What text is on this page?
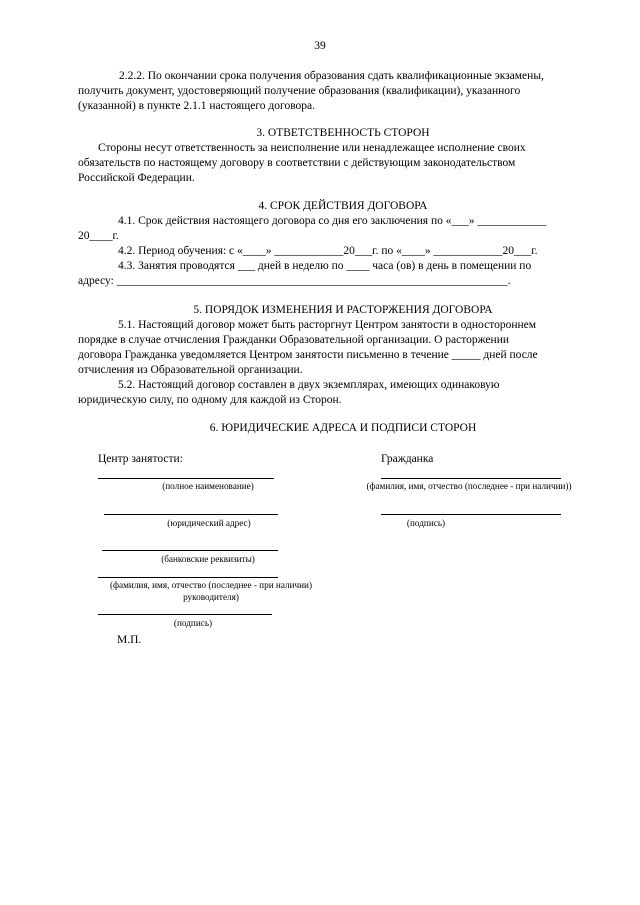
39
2.2.2. По окончании срока получения образования сдать квалификационные экзамены,
получить документ, удостоверяющий получение образования (квалификации), указанного
(указанной) в пункте 2.1.1 настоящего договора.
3. ОТВЕТСТВЕННОСТЬ СТОРОН
Стороны несут ответственность за неисполнение или ненадлежащее исполнение своих
обязательств по настоящему договору в соответствии с действующим законодательством
Российской Федерации.
4. СРОК ДЕЙСТВИЯ ДОГОВОРА
4.1. Срок действия настоящего договора со дня его заключения по «___» ____________
20____г.
4.2. Период обучения: с «____» ____________20___г. по «____» ____________20___г.
4.3. Занятия проводятся ___ дней в неделю по ____ часа (ов) в день в помещении по
адресу: ____________________________________________________________________.
5. ПОРЯДОК ИЗМЕНЕНИЯ И РАСТОРЖЕНИЯ ДОГОВОРА
5.1. Настоящий договор может быть расторгнут Центром занятости в одностороннем
порядке в случае отчисления Гражданки Образовательной организации. О расторжении
договора Гражданка уведомляется Центром занятости письменно в течение _____ дней после
отчисления из Образовательной организации.
5.2. Настоящий договор составлен в двух экземплярах, имеющих одинаковую
юридическую силу, по одному для каждой из Сторон.
6. ЮРИДИЧЕСКИЕ АДРЕСА И ПОДПИСИ СТОРОН
Центр занятости:
(полное наименование)
(юридический адрес)
(банковские реквизиты)
(фамилия, имя, отчество (последнее - при наличии)
руководителя)
(подпись)
М.П.
Гражданка
(фамилия, имя, отчество (последнее - при наличии))
(подпись)
